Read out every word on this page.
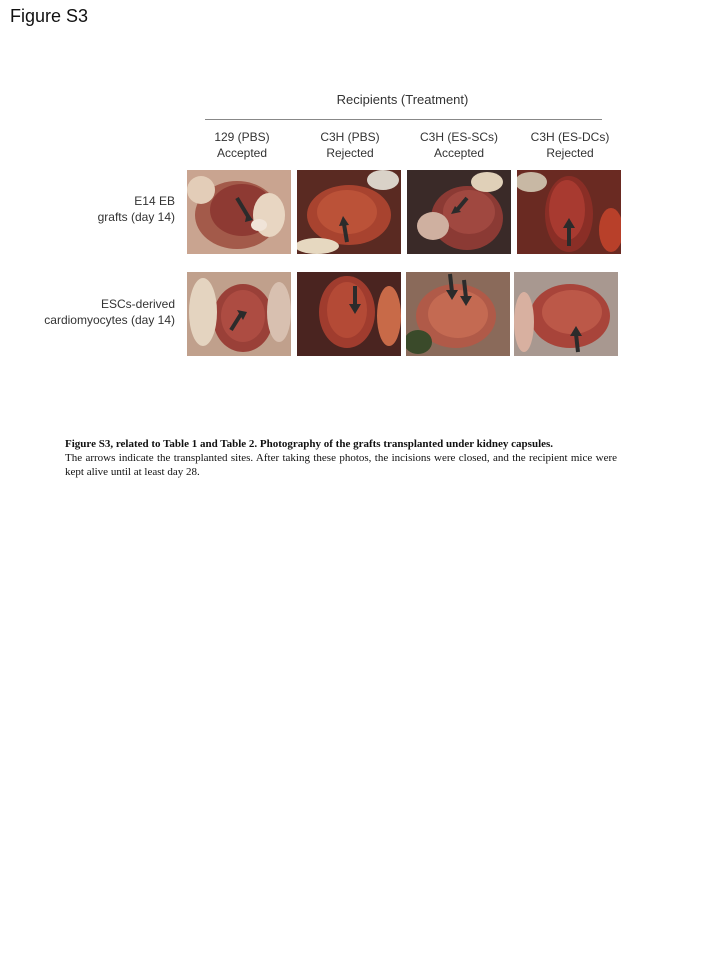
Figure S3
Recipients (Treatment)
129 (PBS)
Accepted
C3H (PBS)
Rejected
C3H (ES-SCs)
Accepted
C3H (ES-DCs)
Rejected
E14 EB
grafts (day 14)
ESCs-derived
cardiomyocytes (day 14)
Figure S3, related to Table 1 and Table 2. Photography of the grafts transplanted under kidney capsules.
The arrows indicate the transplanted sites. After taking these photos, the incisions were closed, and the recipient mice were kept alive until at least day 28.
